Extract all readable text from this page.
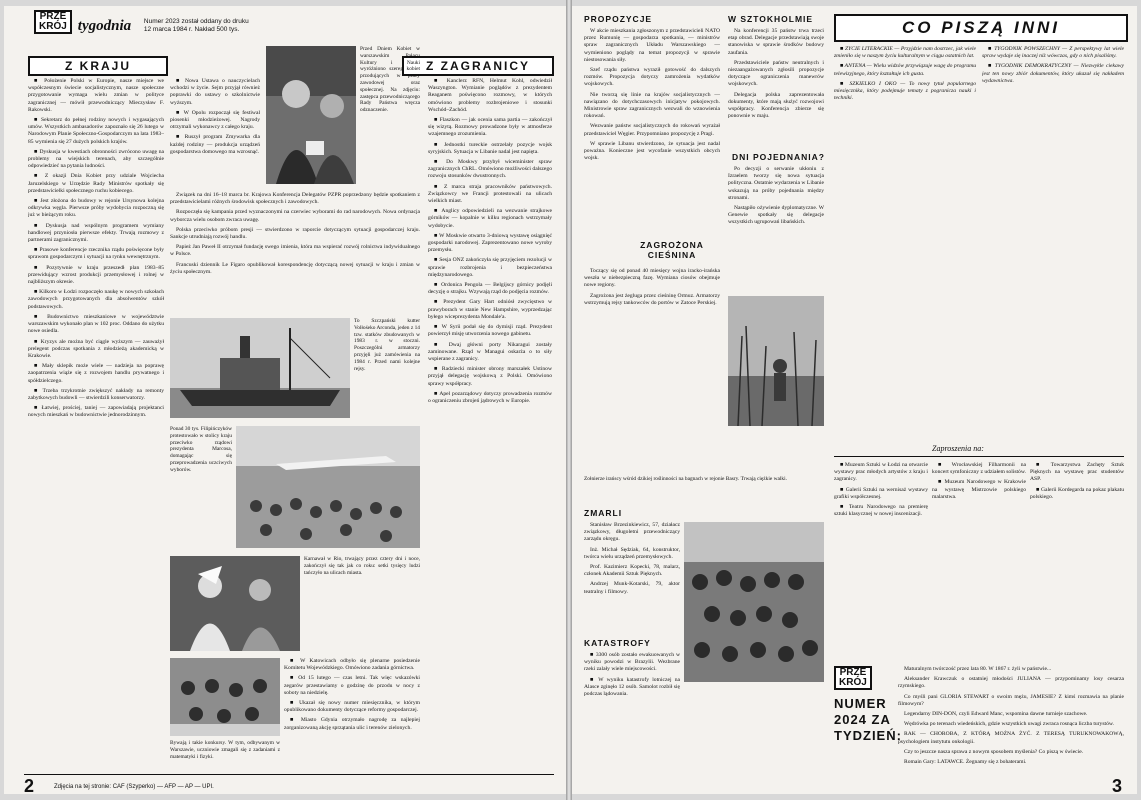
PRZE
KRÓJ tygodnia Numer 2023 został oddany do druku
12 marca 1984 r. Nakład 500 tys.
Z KRAJU	Z ZAGRANICY

■ Położenie Polski w Europie, nasze miejsce we współczesnym świecie socjalistycznym, nasze społeczne przygotowanie wymaga wielu zmian w polityce zagranicznej — mówił przewodniczący Mieczysław F. Rakowski.

■ Sekretarz do pełnej rodziny nowych i wygasających umów. Wszystkich ambasadorów zapoznało się 26 lutego w Narodowym Planie Społeczno-Gospodarczym na lata 1983–85 wymienia się 27 dużych polskich krajów.

■ Dyskusja w kwestiach obronności zwrócono uwagę na problemy na wiejskich terenach, aby szczególnie odpowiedzieć na pytania ludności.

■ Z okazji Dnia Kobiet przy udziale Wojciecha Jaruzelskiego w Urzędzie Rady Ministrów spotkały się przedstawicielki społecznego ruchu kobiecego.

■ Jest złożona do budowy w rejonie Ursynowa kolejna odkrywka węgla. Pierwsze próby wydobycia rozpoczną się już w bieżącym roku.

■ Dyskusja nad wspólnym programem wymiany handlowej przyniosła pierwsze efekty. Trwają rozmowy z partnerami zagranicznymi.

■ Prasowe konferencje rzecznika rządu poświęcone były sprawom gospodarczym i sytuacji na rynku wewnętrznym.

■ Pozytywnie w kraju przeszedł plan 1983–85 przewidujący wzrost produkcji przemysłowej i rolnej w najbliższym okresie.

■ Kilkoro w Łodzi rozpoczęło naukę w nowych szkołach zawodowych przygotowanych dla absolwentów szkół podstawowych.

■ Budownictwo mieszkaniowe w województwie warszawskim wykonało plan w 102 proc. Oddano do użytku nowe osiedla.

■ Kryzys ale można być ciągle wyższym — zauważył prelegent podczas spotkania z młodzieżą akademicką w Krakowie.

■ Mały sklepik może wiele — nadzieja na poprawę zaopatrzenia wiąże się z rozwojem handlu prywatnego i spółdzielczego.

■ Trzeba trzykrotnie zwiększyć nakłady na remonty zabytkowych budowli — stwierdzili konserwatorzy.

■ Łatwiej, prościej, taniej — zapowiadają projektanci nowych mieszkań w budownictwie jednorodzinnym.

■ Nowa Ustawa o nauczycielach wchodzi w życie. Sejm przyjął również poprawki do ustawy o szkolnictwie wyższym.

■ W Opolu rozpoczął się festiwal piosenki młodzieżowej. Nagrody otrzymali wykonawcy z całego kraju.

■ Ruszył program Zmywarka dla każdej rodziny — produkcja urządzeń gospodarstwa domowego ma wzrosnąć.

Przed Dniem Kobiet w warszawskim Pałacu Kultury i Nauki wyróżniono szereg kobiet przodujących w pracy zawodowej oraz społecznej. Na zdjęciu: zastępca przewodniczącego Rady Państwa wręcza odznaczenie.

Związek na dni 16–18 marca br. Krajowa Konferencja Delegatów PZPR poprzedzony będzie spotkaniem z przedstawicielami różnych środowisk społecznych i zawodowych.

Rozpoczęła się kampania przed wyznaczonymi na czerwiec wyborami do rad narodowych. Nowa ordynacja wyborcza wielu osobom zwraca uwagę.

Polska przeciwko próbom presji — stwierdzono w raporcie dotyczącym sytuacji gospodarczej kraju. Sankcje utrudniają rozwój handlu.

Papież Jan Paweł II otrzymał fundację swego imienia, która ma wspierać rozwój rolnictwa indywidualnego w Polsce.

Francuski dziennik Le Figaro opublikował korespondencję dotyczącą nowej sytuacji w kraju i zmian w życiu społecznym.

To Szczpański kutter Volłośeko Arconda, jeden z 14 tzw. statków zbudowanych w 1983 r. w stoczni. Poszczególni armatorzy przyjęli już zamówienia na 1984 r. Przed nami kolejne rejsy.
Ponad 30 tys. Filipińczyków protestowało w stolicy kraju przeciwko rządowi prezydenta Marcosa, domagając się przeprowadzenia uczciwych wyborów.
Karnawał w Rio, trwający przez cztery dni i noce, zakończył się tak jak co roku: setki tysięcy ludzi tańczyło na ulicach miasta.

■ W Katowicach odbyło się plenarne posiedzenie Komitetu Wojewódzkiego. Omówiono zadania górnictwa.

■ Od 15 lutego — czas letni. Tak więc wskazówki zegarów przestawiamy o godzinę do przodu w nocy z soboty na niedzielę.

■ Ukazał się nowy numer miesięcznika, w którym opublikowano dokumenty dotyczące reformy gospodarczej.

■ Miasto Gdynia otrzymało nagrodę za najlepiej zorganizowaną akcję sprzątania ulic i terenów zielonych.

Bywają i takie konkursy. W tym, odbywanym w Warszawie, uczniowie zmagali się z zadaniami z matematyki i fizyki.

■ Kanclerz RFN, Helmut Kohl, odwiedził Waszyngton. Wymianie poglądów z prezydentem Reaganem poświęcono rozmowy, w których omówiono problemy rozbrojeniowe i stosunki Wschód–Zachód.

■ Flaszkon — jak ocenia sama partia — zakończył się wizytą. Rozmowy prowadzone były w atmosferze wzajemnego zrozumienia.

■ Jednostki tureckie ostrzelały pozycje wojsk syryjskich. Sytuacja w Libanie nadal jest napięta.

■ Do Moskwy przybył wiceminister spraw zagranicznych ChRL. Omówiono możliwości dalszego rozwoju stosunków dwustronnych.

■ Z marca straja pracowników państwowych. Związkowcy we Francji protestowali na ulicach wielkich miast.

■ Anglicy odpowiedzieli na wezwanie strajkowe górników — kopalnie w kilku regionach wstrzymały wydobycie.

■ W Moskwie otwarto 3-dniową wystawę osiągnięć gospodarki narodowej. Zaprezentowano nowe wyroby przemysłu.

■ Sesja ONZ zakończyła się przyjęciem rezolucji w sprawie rozbrojenia i bezpieczeństwa międzynarodowego.

■ Ordonica Pengola — Belgijscy górnicy podjęli decyzję o strajku. Wzywają rząd do podjęcia rozmów.

■ Prezydent Gary Hart odniósł zwycięstwo w prawyborach w stanie New Hampshire, wyprzedzając byłego wiceprezydenta Mondale'a.

■ W Syrii podał się do dymisji rząd. Prezydent powierzył misję utworzenia nowego gabinetu.

■ Dwaj główni porty Nikaragui zostały zaminowane. Rząd w Managui oskarża o to siły wspierane z zagranicy.

■ Radziecki minister obrony marszałek Ustinow przyjął delegację wojskową z Polski. Omówiono sprawy współpracy.

■ Apel pozarządowy dotyczy prowadzenia rozmów o ograniczeniu zbrojeń jądrowych w Europie.

2	Zdjęcia na tej stronie: CAF (Szyperko) — AFP — AP — UPI.
PROPOZYCJE

W akcie mieszkania zgłoszonym z przedstawicieli NATO przez Rumunię — gospodarza spotkania, — ministrów spraw zagranicznych Układu Warszawskiego — wymieniono poglądy na temat propozycji w sprawie niestosowania siły.

Szef rządu państwa wyraził gotowość do dalszych rozmów. Propozycja dotyczy zamrożenia wydatków wojskowych.

Nie tworzą się linie na krajów socjalistycznych — nawiązano do dotychczasowych inicjatyw pokojowych. Ministrowie spraw zagranicznych wezwali do wznowienia rokowań.

Wezwanie państw socjalistycznych do rokowań wyrażał przedstawiciel Węgier. Przypomniano propozycję z Pragi.

W sprawie Libanu stwierdzono, że sytuacja jest nadal poważna. Konieczne jest wycofanie wszystkich obcych wojsk.

W SZTOKHOLMIE

Na konferencji 35 państw trwa trzeci etap obrad. Delegacje przedstawiają swoje stanowiska w sprawie środków budowy zaufania.

Przedstawiciele państw neutralnych i niezaangażowanych zgłosili propozycje dotyczące ograniczenia manewrów wojskowych.

Delegacja polska zaprezentowała dokumenty, które mają służyć rozwojowi współpracy. Konferencja zbierze się ponownie w maju.

DNI POJEDNANIA?

Po decyzji o serwanie ukłoniu z Izraelem tworzy się nowa sytuacja polityczna. Ostatnie wydarzenia w Libanie wskazują na próby pojednania między stronami.

Nastąpiło ożywienie dyplomatyczne. W Genewie spotkały się delegacje wszystkich ugrupowań libańskich.

ZAGROŻONA CIEŚNINA

Toczący się od ponad 40 miesięcy wojna iracko-irańska weszła w niebezpieczną fazę. Wymiana ciosów obejmuje nowe regiony.

Zagrożona jest żegluga przez cieśninę Ormuz. Armatorzy wstrzymują rejsy tankowców do portów w Zatoce Perskiej.

Żołnierze irańscy wśród dzikiej roślinności na bagnach w rejonie Basry. Trwają ciężkie walki.
ZMARLI

Stanisław Brzezinkiewicz, 57, działacz związkowy, długoletni przewodniczący zarządu okręgu.

Inż. Michał Sędziak, 64, konstruktor, twórca wielu urządzeń przemysłowych.

Prof. Kazimierz Kopecki, 78, malarz, członek Akademii Sztuk Pięknych.

Andrzej Munk-Kotarski, 79, aktor teatralny i filmowy.

KATASTROFY

■ 3300 osób zostało ewakuowanych w wyniku powodzi w Brazylii. Wezbrane rzeki zalały wiele miejscowości.

■ W wyniku katastrofy lotniczej na Alasce zginęło 12 osób. Samolot rozbił się podczas lądowania.

CO PISZĄ INNI

■ ŻYCIE LITERACKIE — Przyjdzie nam dostrzec, jak wiele zmieniło się w naszym życiu kulturalnym w ciągu ostatnich lat.

■ ANTENA — Wielu widzów przywiązuje wagę do programu telewizyjnego, który kształtuje ich gusta.

■ SZKIELKO I OKO — To nowy tytuł popularnego miesięcznika, który podejmuje tematy z pogranicza nauki i techniki.

■ TYGODNIK POWSZECHNY — Z perspektywy lat wiele spraw wydaje się inaczej niż wówczas, gdy o nich pisaliśmy.

■ TYGODNIK DEMOKRATYCZNY — Niezwykle ciekawy jest ten nowy zbiór dokumentów, który ukazał się nakładem wydawnictwa.

Zaproszenia na:

■ Muzeum Sztuki w Łodzi na otwarcie wystawy prac młodych artystów z kraju i zagranicy.

■ Galerii Sztuki na wernisaż wystawy grafiki współczesnej.

■ Teatru Narodowego na premierę sztuki klasycznej w nowej inscenizacji.

■ Wrocławskiej Filharmonii na koncert symfoniczny z udziałem solistów.

■ Muzeum Narodowego w Krakowie na wystawę Mistrzowie polskiego malarstwa.

■ Towarzystwa Zachęty Sztuk Pięknych na wystawę prac studentów ASP.

■ Galerii Kordegarda na pokaz plakatu polskiego.

PRZE
KRÓJ
NUMER 2024 ZA TYDZIEŃ:

Maturalnym twórczość przez lata 80. W 1867 r. żyli w państwie...

Aleksander Krawczuk o ostatniej młodości JULIANA — przypominamy losy cesarza rzymskiego.

Co myśli pani GLORIA STEWART o swoim mężu, JAMESIE? Z kimś rozmawia na planie filmowym?

Legendarny DIN-DON, czyli Edward Manc, wspomina dawne turnieje szachowe.

Wędrówka po terenach wiedeńskich, gdzie wszystkich uwagi zwraca rosnąca liczba turystów.

RAK — CHOROBA, Z KTÓRĄ MOŻNA ŻYĆ. Z TERESĄ TURUKNOWAKOWĄ, psychologiem instytutu onkologii.

Czy to jeszcze nasza sprawa z nowym sposobem myślenia? Co piszą w świecie.

Romain Gary: LATAWCE. Żegnamy się z bohaterami.

3
